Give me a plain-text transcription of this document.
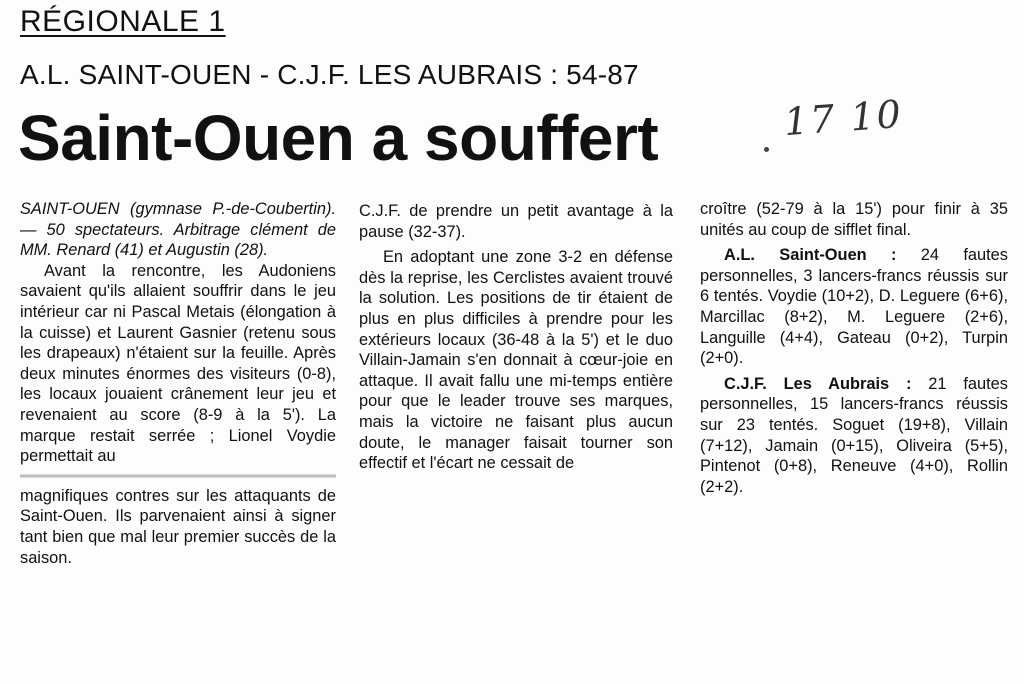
RÉGIONALE 1
A.L. SAINT-OUEN - C.J.F. LES AUBRAIS : 54-87
Saint-Ouen a souffert	17 10

SAINT-OUEN (gymnase P.-de-Coubertin). — 50 spectateurs. Arbitrage clément de MM. Renard (41) et Augustin (28).

Avant la rencontre, les Audoniens savaient qu'ils allaient souffrir dans le jeu intérieur car ni Pascal Metais (élongation à la cuisse) et Laurent Gasnier (retenu sous les drapeaux) n'étaient sur la feuille. Après deux minutes énormes des visiteurs (0-8), les locaux jouaient crânement leur jeu et revenaient au score (8-9 à la 5'). La marque restait serrée ; Lionel Voydie permettait au

magnifiques contres sur les attaquants de Saint-Ouen. Ils parvenaient ainsi à signer tant bien que mal leur premier succès de la saison.

C.J.F. de prendre un petit avantage à la pause (32-37).

En adoptant une zone 3-2 en défense dès la reprise, les Cerclistes avaient trouvé la solution. Les positions de tir étaient de plus en plus difficiles à prendre pour les extérieurs locaux (36-48 à la 5') et le duo Villain-Jamain s'en donnait à cœur-joie en attaque. Il avait fallu une mi-temps entière pour que le leader trouve ses marques, mais la victoire ne faisant plus aucun doute, le manager faisait tourner son effectif et l'écart ne cessait de

croître (52-79 à la 15') pour finir à 35 unités au coup de sifflet final.

A.L. Saint-Ouen : 24 fautes personnelles, 3 lancers-francs réussis sur 6 tentés. Voydie (10+2), D. Leguere (6+6), Marcillac (8+2), M. Leguere (2+6), Languille (4+4), Gateau (0+2), Turpin (2+0).

C.J.F. Les Aubrais : 21 fautes personnelles, 15 lancers-francs réussis sur 23 tentés. Soguet (19+8), Villain (7+12), Jamain (0+15), Oliveira (5+5), Pintenot (0+8), Reneuve (4+0), Rollin (2+2).
